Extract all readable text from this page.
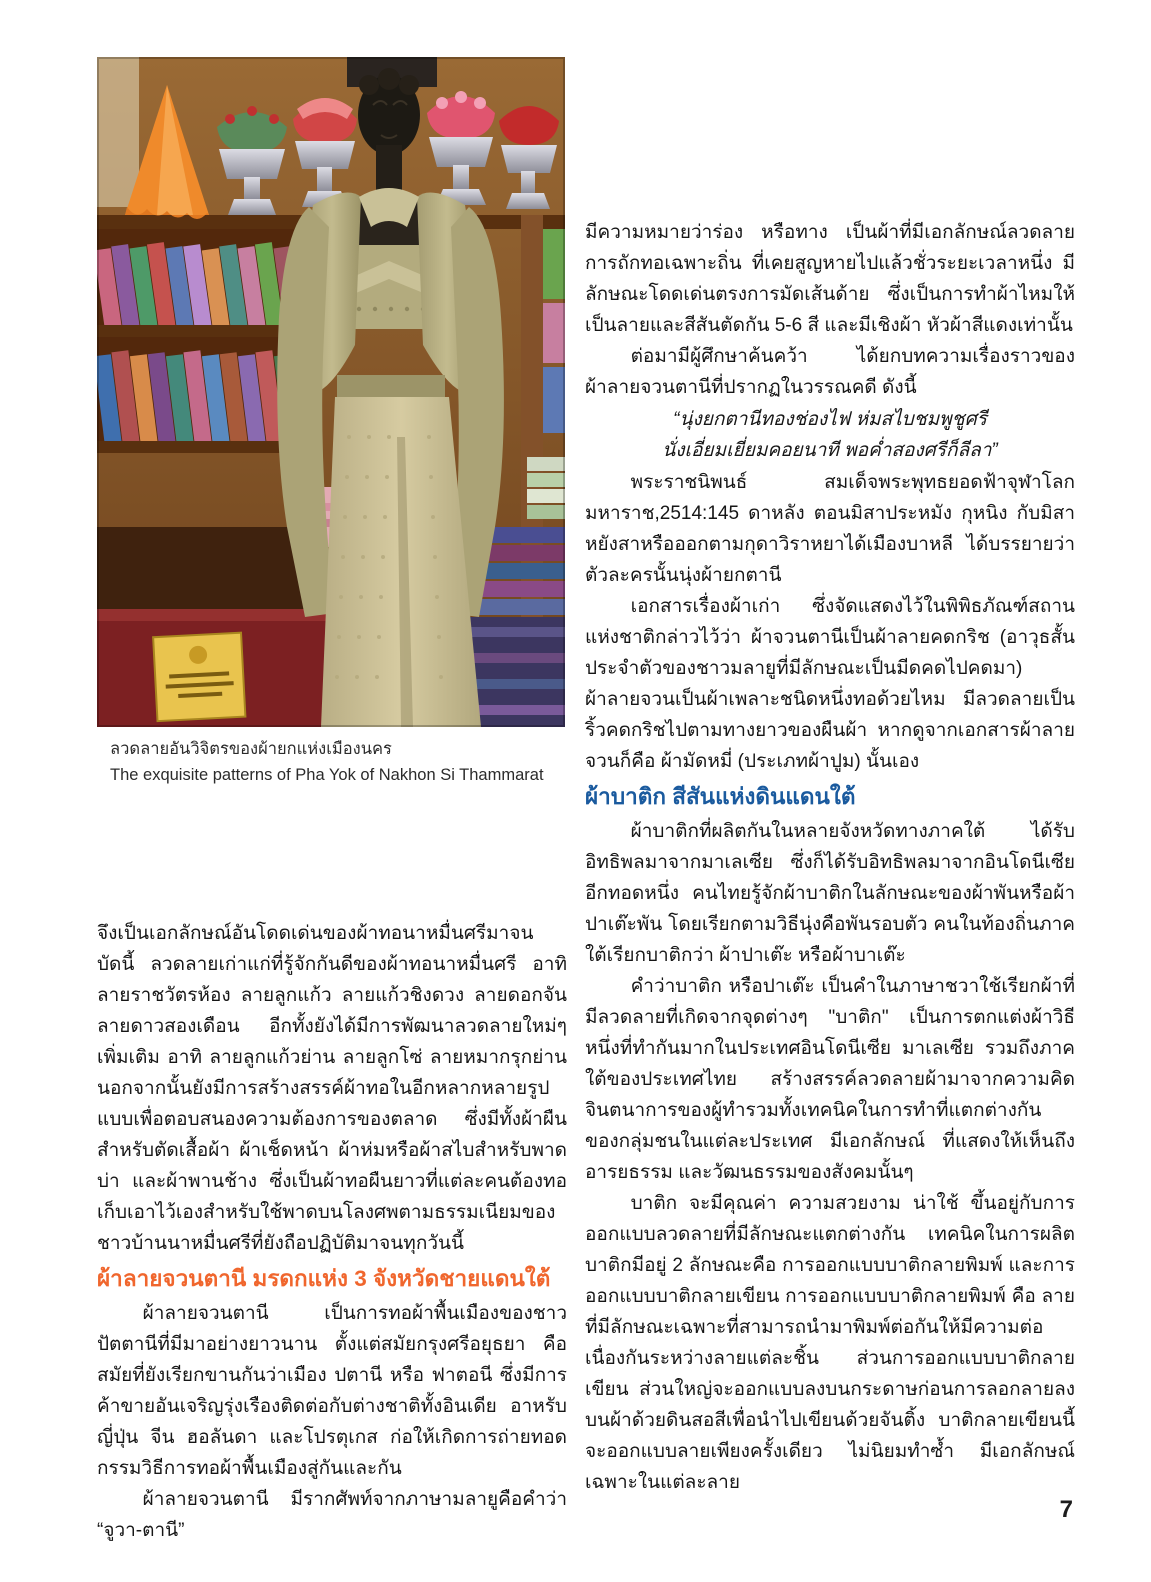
ลวดลายอันวิจิตรของผ้ายกแห่งเมืองนคร
The exquisite patterns of Pha Yok of Nakhon Si Thammarat

จึงเป็นเอกลักษณ์อันโดดเด่นของผ้าทอนาหมื่นศรีมาจนบัดนี้ ลวดลายเก่าแก่ที่รู้จักกันดีของผ้าทอนาหมื่นศรี อาทิ ลายราชวัตรห้อง ลายลูกแก้ว ลายแก้วชิงดวง ลายดอกจัน ลายดาวสองเดือน อีกทั้งยังได้มีการพัฒนาลวดลายใหม่ๆ เพิ่มเติม อาทิ ลายลูกแก้วย่าน ลายลูกโซ่ ลายหมากรุกย่าน นอกจากนั้นยังมีการสร้างสรรค์ผ้าทอในอีกหลากหลายรูปแบบเพื่อตอบสนองความต้องการของตลาด ซึ่งมีทั้งผ้าผืนสำหรับตัดเสื้อผ้า ผ้าเช็ดหน้า ผ้าห่มหรือผ้าสไบสำหรับพาดบ่า และผ้าพานช้าง ซึ่งเป็นผ้าทอผืนยาวที่แต่ละคนต้องทอเก็บเอาไว้เองสำหรับใช้พาดบนโลงศพตามธรรมเนียมของชาวบ้านนาหมื่นศรีที่ยังถือปฏิบัติมาจนทุกวันนี้

ผ้าลายจวนตานี มรดกแห่ง 3 จังหวัดชายแดนใต้

ผ้าลายจวนตานี เป็นการทอผ้าพื้นเมืองของชาวปัตตานีที่มีมาอย่างยาวนาน ตั้งแต่สมัยกรุงศรีอยุธยา คือสมัยที่ยังเรียกขานกันว่าเมือง ปตานี หรือ ฟาตอนี ซึ่งมีการค้าขายอันเจริญรุ่งเรืองติดต่อกับต่างชาติทั้งอินเดีย อาหรับ ญี่ปุ่น จีน ฮอลันดา และโปรตุเกส ก่อให้เกิดการถ่ายทอดกรรมวิธีการทอผ้าพื้นเมืองสู่กันและกัน

ผ้าลายจวนตานี มีรากศัพท์จากภาษามลายูคือคำว่า “จูวา-ตานี”

มีความหมายว่าร่อง หรือทาง เป็นผ้าที่มีเอกลักษณ์ลวดลายการถักทอเฉพาะถิ่น ที่เคยสูญหายไปแล้วชั่วระยะเวลาหนึ่ง มีลักษณะโดดเด่นตรงการมัดเส้นด้าย ซึ่งเป็นการทำผ้าไหมให้เป็นลายและสีสันตัดกัน 5-6 สี และมีเชิงผ้า หัวผ้าสีแดงเท่านั้น

ต่อมามีผู้ศึกษาค้นคว้า ได้ยกบทความเรื่องราวของผ้าลายจวนตานีที่ปรากฏในวรรณคดี ดังนี้

“นุ่งยกตานีทองช่องไฟ ห่มสไบชมพูชูศรี
นั่งเอี่ยมเยี่ยมคอยนาที พอค่ำสองศรีก็ลีลา”

พระราชนิพนธ์ สมเด็จพระพุทธยอดฟ้าจุฬาโลกมหาราช,2514:145 ดาหลัง ตอนมิสาประหมัง กุหนิง กับมิสาหยังสาหรือออกตามกุดาวิราหยาได้เมืองบาหลี ได้บรรยายว่า ตัวละครนั้นนุ่งผ้ายกตานี

เอกสารเรื่องผ้าเก่า ซึ่งจัดแสดงไว้ในพิพิธภัณฑ์สถานแห่งชาติกล่าวไว้ว่า ผ้าจวนตานีเป็นผ้าลายคดกริช (อาวุธสั้นประจำตัวของชาวมลายูที่มีลักษณะเป็นมีดคดไปคดมา) ผ้าลายจวนเป็นผ้าเพลาะชนิดหนึ่งทอด้วยไหม มีลวดลายเป็นริ้วคดกริชไปตามทางยาวของผืนผ้า หากดูจากเอกสารผ้าลายจวนก็คือ ผ้ามัดหมี่ (ประเภทผ้าปูม) นั้นเอง

ผ้าบาติก สีสันแห่งดินแดนใต้

ผ้าบาติกที่ผลิตกันในหลายจังหวัดทางภาคใต้ ได้รับอิทธิพลมาจากมาเลเซีย ซึ่งก็ได้รับอิทธิพลมาจากอินโดนีเซียอีกทอดหนึ่ง คนไทยรู้จักผ้าบาติกในลักษณะของผ้าพันหรือผ้าปาเต๊ะพัน โดยเรียกตามวิธีนุ่งคือพันรอบตัว คนในท้องถิ่นภาคใต้เรียกบาติกว่า ผ้าปาเต๊ะ หรือผ้าบาเต๊ะ

คำว่าบาติก หรือปาเต๊ะ เป็นคำในภาษาชวาใช้เรียกผ้าที่มีลวดลายที่เกิดจากจุดต่างๆ "บาติก" เป็นการตกแต่งผ้าวิธีหนึ่งที่ทำกันมากในประเทศอินโดนีเซีย มาเลเซีย รวมถึงภาคใต้ของประเทศไทย สร้างสรรค์ลวดลายผ้ามาจากความคิดจินตนาการของผู้ทำรวมทั้งเทคนิคในการทำที่แตกต่างกันของกลุ่มชนในแต่ละประเทศ มีเอกลักษณ์ ที่แสดงให้เห็นถึงอารยธรรม และวัฒนธรรมของสังคมนั้นๆ

บาติก จะมีคุณค่า ความสวยงาม น่าใช้ ขึ้นอยู่กับการออกแบบลวดลายที่มีลักษณะแตกต่างกัน เทคนิคในการผลิตบาติกมีอยู่ 2 ลักษณะคือ การออกแบบบาติกลายพิมพ์ และการออกแบบบาติกลายเขียน การออกแบบบาติกลายพิมพ์ คือ ลายที่มีลักษณะเฉพาะที่สามารถนำมาพิมพ์ต่อกันให้มีความต่อเนื่องกันระหว่างลายแต่ละชิ้น ส่วนการออกแบบบาติกลายเขียน ส่วนใหญ่จะออกแบบลงบนกระดาษก่อนการลอกลายลงบนผ้าด้วยดินสอสีเพื่อนำไปเขียนด้วยจันติ้ง บาติกลายเขียนนี้จะออกแบบลายเพียงครั้งเดียว ไม่นิยมทำซ้ำ มีเอกลักษณ์เฉพาะในแต่ละลาย

7
